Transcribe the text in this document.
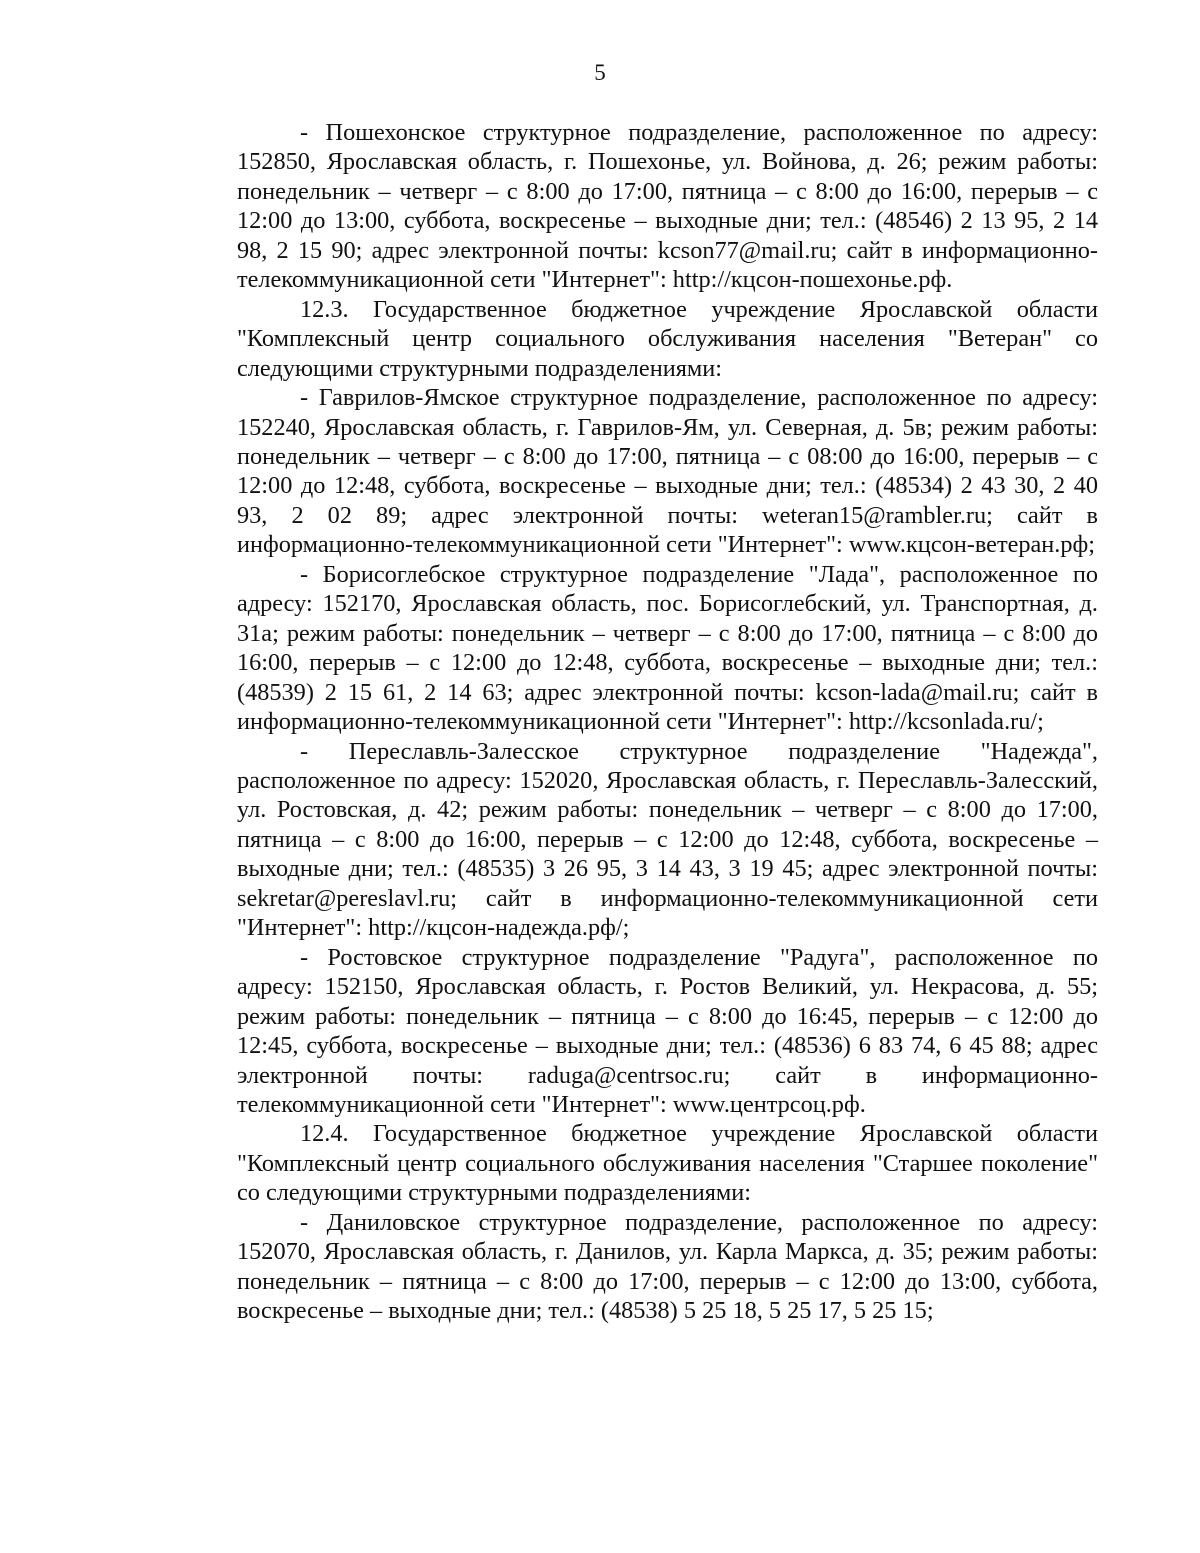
5

- Пошехонское структурное подразделение, расположенное по адресу: 152850, Ярославская область, г. Пошехонье, ул. Войнова, д. 26; режим работы: понедельник – четверг – с 8:00 до 17:00, пятница – с 8:00 до 16:00, перерыв – с 12:00 до 13:00, суббота, воскресенье – выходные дни; тел.: (48546) 2 13 95, 2 14 98, 2 15 90; адрес электронной почты: kcson77@mail.ru; сайт в информационно-телекоммуникационной сети "Интернет": http://кцсон-пошехонье.рф.

12.3. Государственное бюджетное учреждение Ярославской области "Комплексный центр социального обслуживания населения "Ветеран" со следующими структурными подразделениями:

- Гаврилов-Ямское структурное подразделение, расположенное по адресу: 152240, Ярославская область, г. Гаврилов-Ям, ул. Северная, д. 5в; режим работы: понедельник – четверг – с 8:00 до 17:00, пятница – с 08:00 до 16:00, перерыв – с 12:00 до 12:48, суббота, воскресенье – выходные дни; тел.: (48534) 2 43 30, 2 40 93, 2 02 89; адрес электронной почты: weteran15@rambler.ru; сайт в информационно-телекоммуникационной сети "Интернет": www.кцсон-ветеран.рф;

- Борисоглебское структурное подразделение "Лада", расположенное по адресу: 152170, Ярославская область, пос. Борисоглебский, ул. Транспортная, д. 31а; режим работы: понедельник – четверг – с 8:00 до 17:00, пятница – с 8:00 до 16:00, перерыв – с 12:00 до 12:48, суббота, воскресенье – выходные дни; тел.: (48539) 2 15 61, 2 14 63; адрес электронной почты: kcson-lada@mail.ru; сайт в информационно-телекоммуникационной сети "Интернет": http://kcsonlada.ru/;

- Переславль-Залесское структурное подразделение "Надежда", расположенное по адресу: 152020, Ярославская область, г. Переславль-Залесский, ул. Ростовская, д. 42; режим работы: понедельник – четверг – с 8:00 до 17:00, пятница – с 8:00 до 16:00, перерыв – с 12:00 до 12:48, суббота, воскресенье – выходные дни; тел.: (48535) 3 26 95, 3 14 43, 3 19 45; адрес электронной почты: sekretar@pereslavl.ru; сайт в информационно-телекоммуникационной сети "Интернет": http://кцсон-надежда.рф/;

- Ростовское структурное подразделение "Радуга", расположенное по адресу: 152150, Ярославская область, г. Ростов Великий, ул. Некрасова, д. 55; режим работы: понедельник – пятница – с 8:00 до 16:45, перерыв – с 12:00 до 12:45, суббота, воскресенье – выходные дни; тел.: (48536) 6 83 74, 6 45 88; адрес электронной почты: raduga@centrsoc.ru; сайт в информационно-телекоммуникационной сети "Интернет": www.центрсоц.рф.

12.4. Государственное бюджетное учреждение Ярославской области "Комплексный центр социального обслуживания населения "Старшее поколение" со следующими структурными подразделениями:

- Даниловское структурное подразделение, расположенное по адресу: 152070, Ярославская область, г. Данилов, ул. Карла Маркса, д. 35; режим работы: понедельник – пятница – с 8:00 до 17:00, перерыв – с 12:00 до 13:00, суббота, воскресенье – выходные дни; тел.: (48538) 5 25 18, 5 25 17, 5 25 15;
